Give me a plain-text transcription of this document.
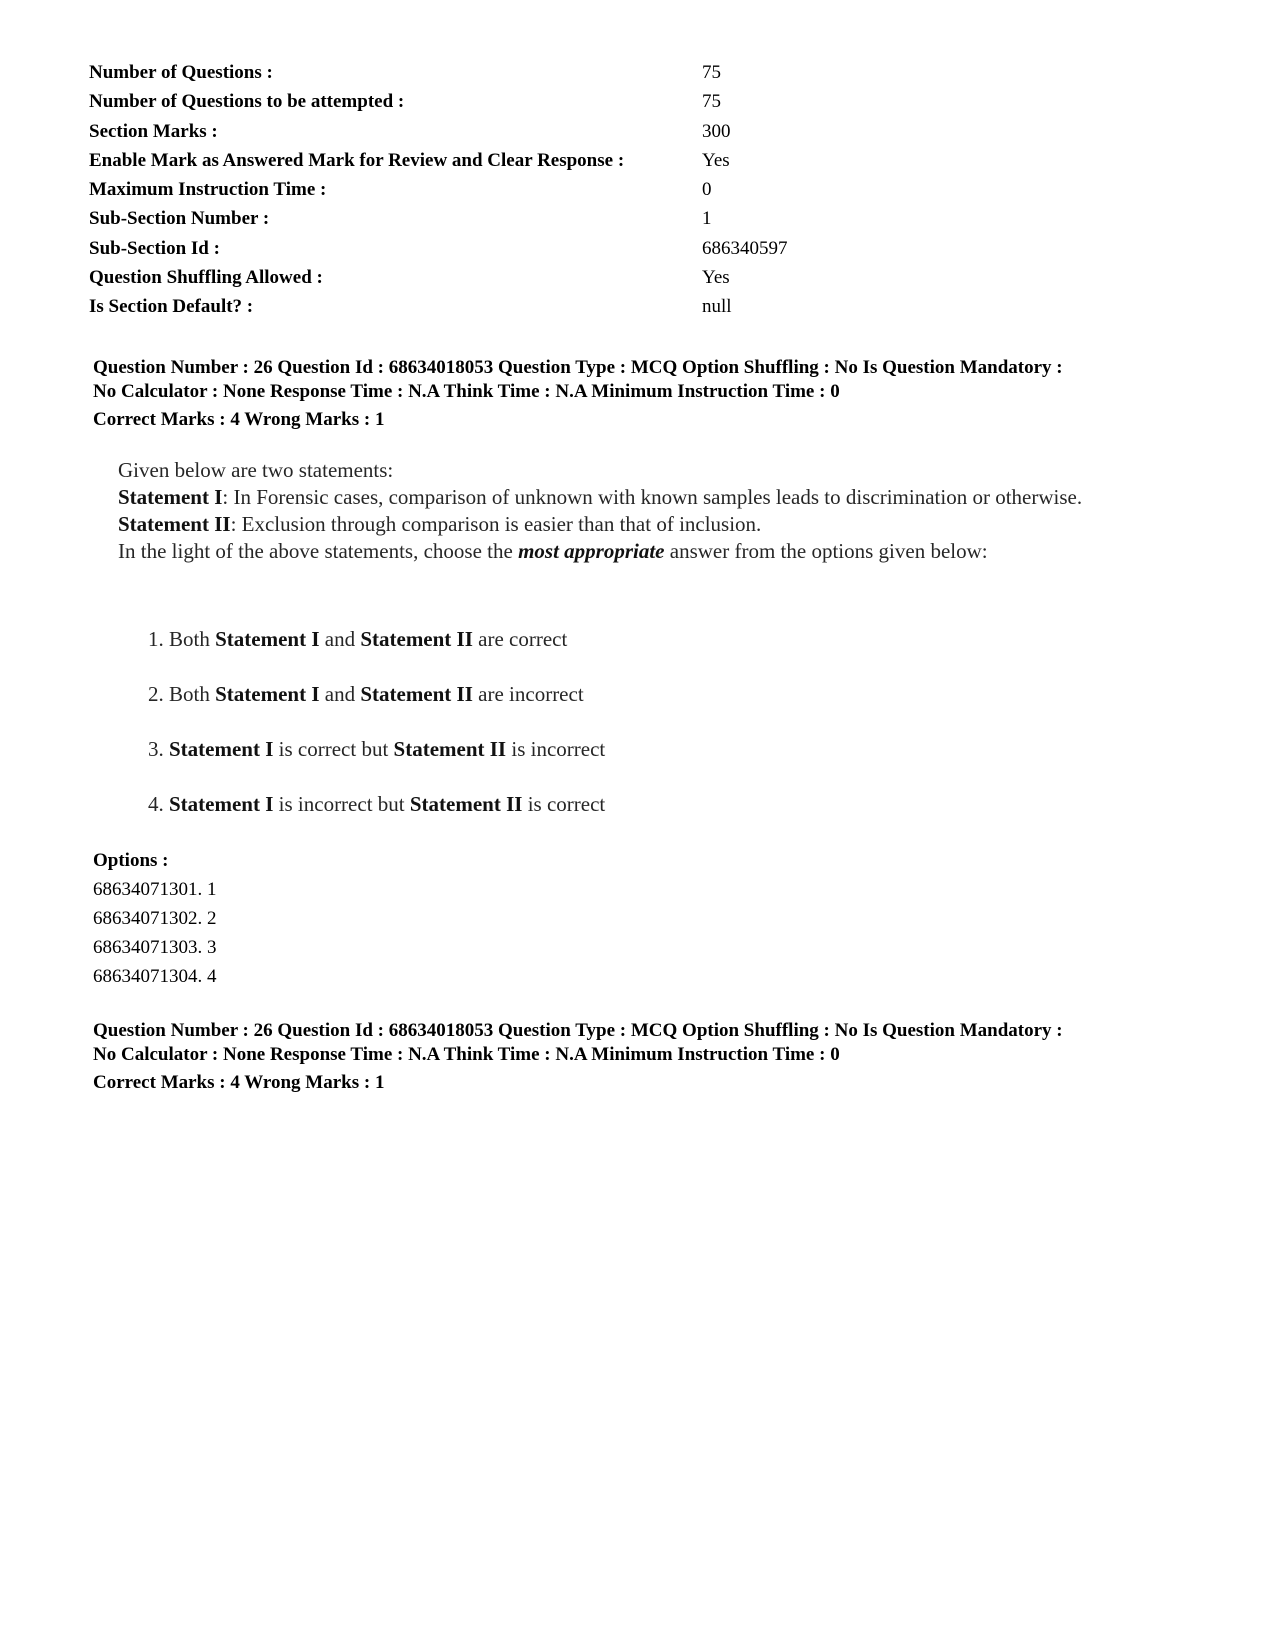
Number of Questions :	75
Number of Questions to be attempted :	75
Section Marks :	300
Enable Mark as Answered Mark for Review and Clear Response :	Yes
Maximum Instruction Time :	0
Sub-Section Number :	1
Sub-Section Id :	686340597
Question Shuffling Allowed :	Yes
Is Section Default? :	null
Question Number : 26 Question Id : 68634018053 Question Type : MCQ Option Shuffling : No Is Question Mandatory :
No Calculator : None Response Time : N.A Think Time : N.A Minimum Instruction Time : 0
Correct Marks : 4 Wrong Marks : 1

Given below are two statements:

Statement I: In Forensic cases, comparison of unknown with known samples leads to discrimination or otherwise.

Statement II: Exclusion through comparison is easier than that of inclusion.

In the light of the above statements, choose the most appropriate answer from the options given below:

1. Both Statement I and Statement II are correct
2. Both Statement I and Statement II are incorrect
3. Statement I is correct but Statement II is incorrect
4. Statement I is incorrect but Statement II is correct
Options :
68634071301. 1
68634071302. 2
68634071303. 3
68634071304. 4
Question Number : 26 Question Id : 68634018053 Question Type : MCQ Option Shuffling : No Is Question Mandatory :
No Calculator : None Response Time : N.A Think Time : N.A Minimum Instruction Time : 0
Correct Marks : 4 Wrong Marks : 1
